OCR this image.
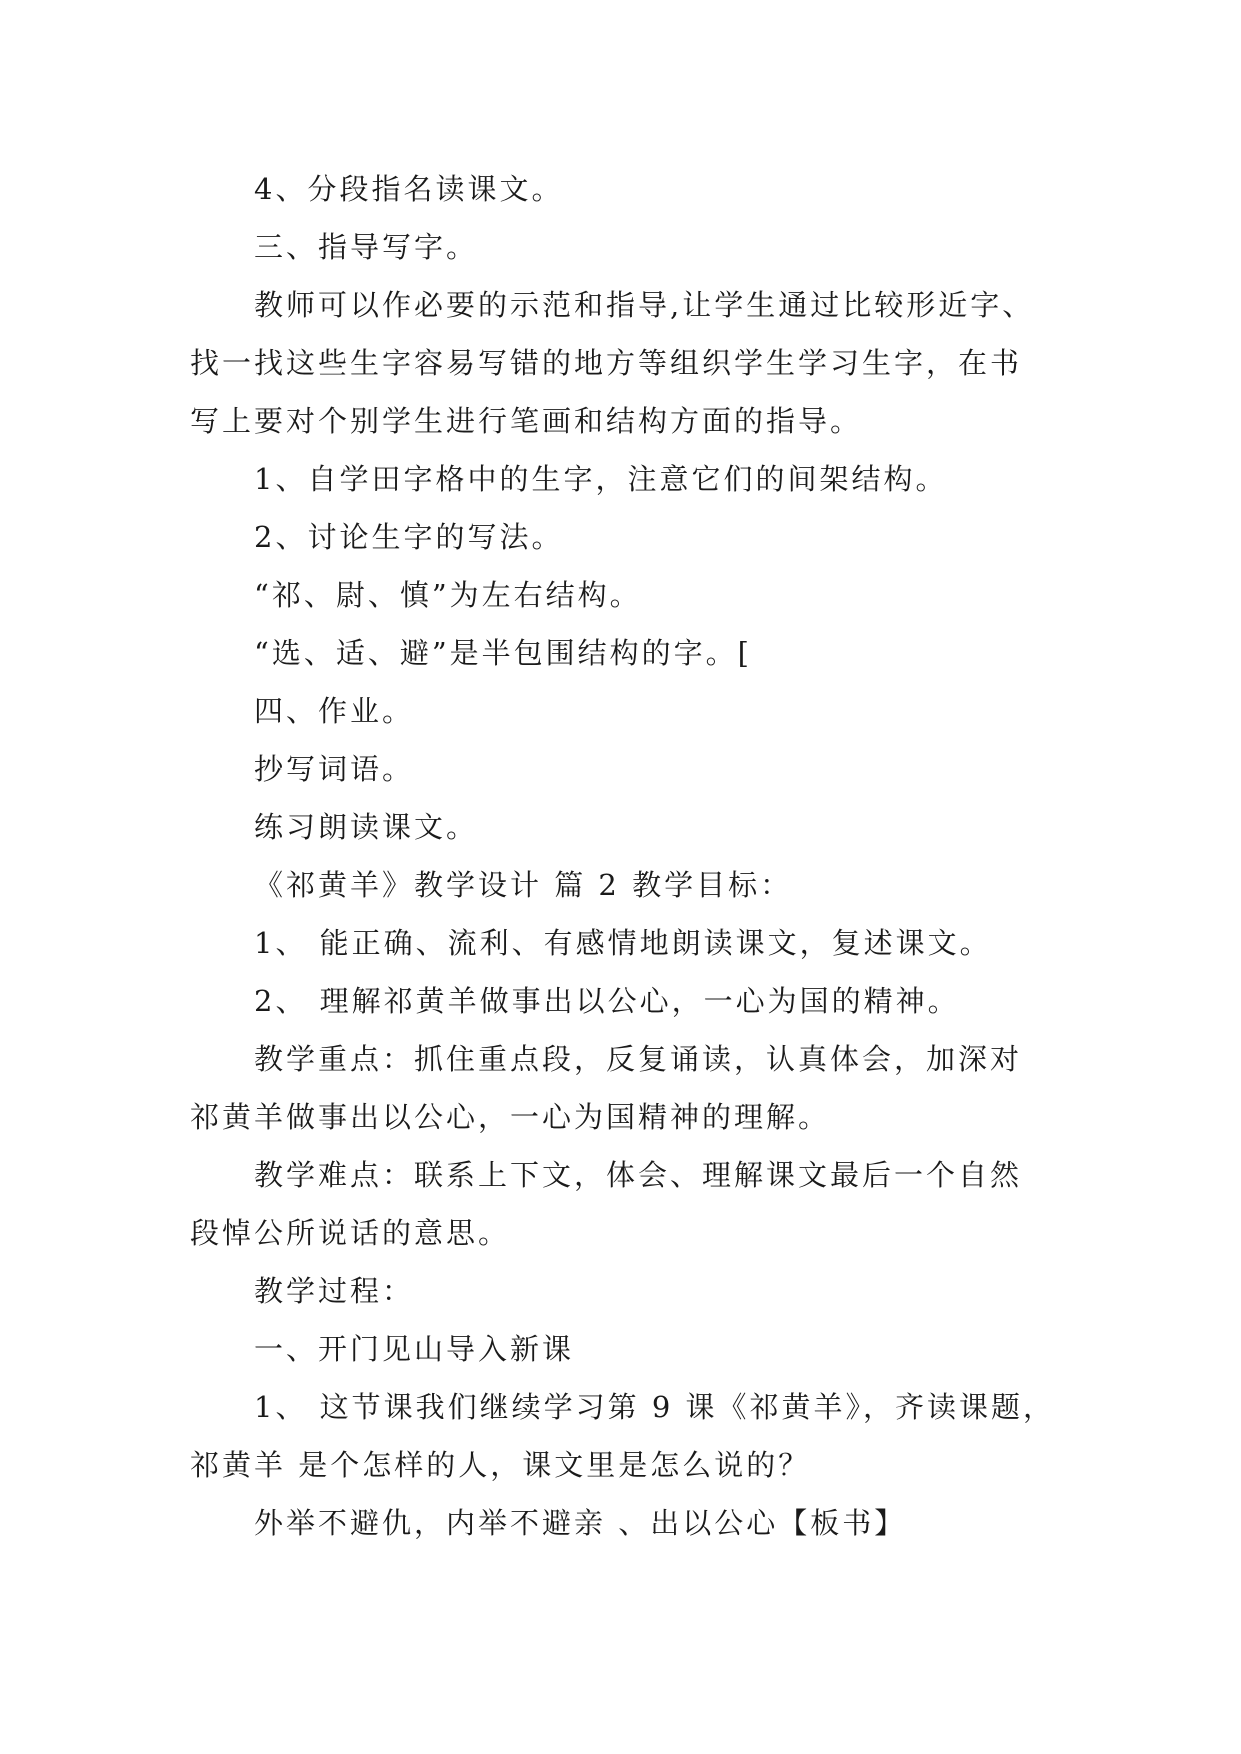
4、分段指名读课文。
三、指导写字。
教师可以作必要的示范和指导,让学生通过比较形近字、
找一找这些生字容易写错的地方等组织学生学习生字，在书
写上要对个别学生进行笔画和结构方面的指导。
1、自学田字格中的生字，注意它们的间架结构。
2、讨论生字的写法。
“祁、尉、慎”为左右结构。
“选、适、避”是半包围结构的字。[
四、作业。
抄写词语。
练习朗读课文。
《祁黄羊》教学设计 篇 2 教学目标：
1、 能正确、流利、有感情地朗读课文，复述课文。
2、 理解祁黄羊做事出以公心，一心为国的精神。
教学重点：抓住重点段，反复诵读，认真体会，加深对
祁黄羊做事出以公心，一心为国精神的理解。
教学难点：联系上下文，体会、理解课文最后一个自然
段悼公所说话的意思。
教学过程：
一、开门见山导入新课
1、 这节课我们继续学习第 9 课《祁黄羊》，齐读课题，
祁黄羊 是个怎样的人，课文里是怎么说的？
外举不避仇，内举不避亲 、出以公心【板书】
